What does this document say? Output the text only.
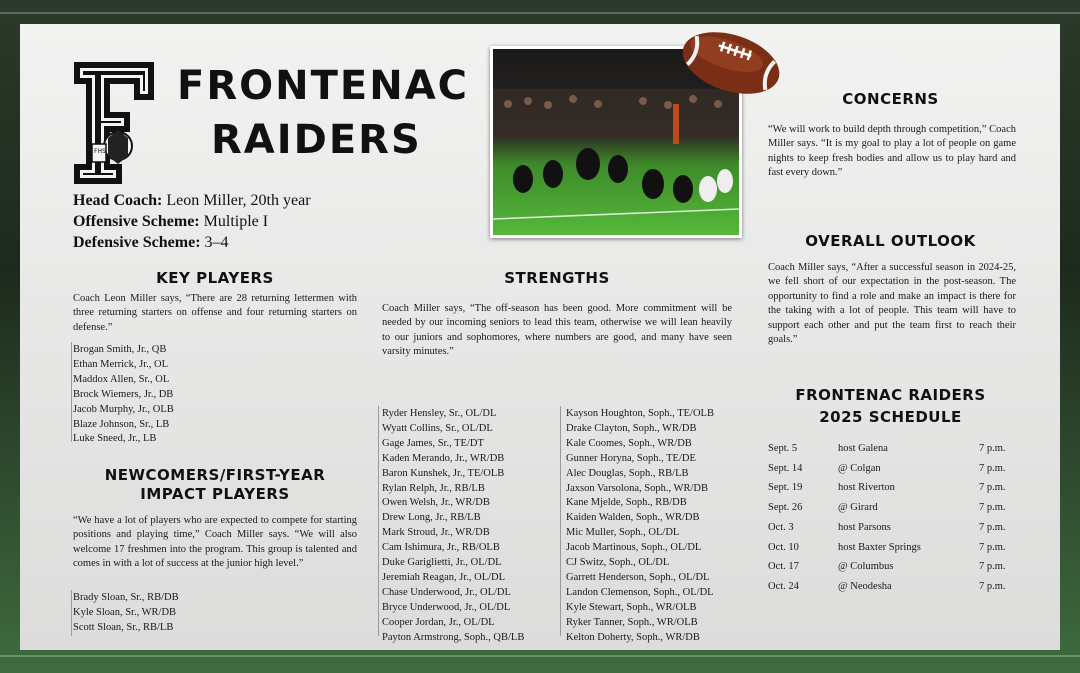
FHS
FRONTENAC
RAIDERS
Head Coach: Leon Miller, 20th year
Offensive Scheme: Multiple I
Defensive Scheme: 3–4
KEY PLAYERS
Coach Leon Miller says, “There are 28 returning lettermen with three returning starters on offense and four returning starters on defense.”
Brogan Smith, Jr., QB
Ethan Merrick, Jr., OL
Maddox Allen, Sr., OL
Brock Wiemers, Jr., DB
Jacob Murphy, Jr., OLB
Blaze Johnson, Sr., LB
Luke Sneed, Jr., LB
NEWCOMERS/FIRST-YEAR
IMPACT PLAYERS
“We have a lot of players who are expected to compete for starting positions and playing time,” Coach Miller says. “We will also welcome 17 freshmen into the program. This group is talented and comes in with a lot of success at the junior high level.”
Brady Sloan, Sr., RB/DB
Kyle Sloan, Sr., WR/DB
Scott Sloan, Sr., RB/LB
STRENGTHS
Coach Miller says, “The off-season has been good. More commitment will be needed by our incoming seniors to lead this team, otherwise we will lean heavily to our juniors and sophomores, where numbers are good, and many have seen varsity minutes.”
Ryder Hensley, Sr., OL/DL
Wyatt Collins, Sr., OL/DL
Gage James, Sr., TE/DT
Kaden Merando, Jr., WR/DB
Baron Kunshek, Jr., TE/OLB
Rylan Relph, Jr., RB/LB
Owen Welsh, Jr., WR/DB
Drew Long, Jr., RB/LB
Mark Stroud, Jr., WR/DB
Cam Ishimura, Jr., RB/OLB
Duke Gariglietti, Jr., OL/DL
Jeremiah Reagan, Jr., OL/DL
Chase Underwood, Jr., OL/DL
Bryce Underwood, Jr., OL/DL
Cooper Jordan, Jr., OL/DL
Payton Armstrong, Soph., QB/LB
Kayson Houghton, Soph., TE/OLB
Drake Clayton, Soph., WR/DB
Kale Coomes, Soph., WR/DB
Gunner Horyna, Soph., TE/DE
Alec Douglas, Soph., RB/LB
Jaxson Varsolona, Soph., WR/DB
Kane Mjelde, Soph., RB/DB
Kaiden Walden, Soph., WR/DB
Mic Muller, Soph., OL/DL
Jacob Martinous, Soph., OL/DL
CJ Switz, Soph., OL/DL
Garrett Henderson, Soph., OL/DL
Landon Clemenson, Soph., OL/DL
Kyle Stewart, Soph., WR/OLB
Ryker Tanner, Soph., WR/OLB
Kelton Doherty, Soph., WR/DB
CONCERNS
“We will work to build depth through competition,” Coach Miller says. “It is my goal to play a lot of people on game nights to keep fresh bodies and allow us to play hard and fast every down.”
OVERALL OUTLOOK
Coach Miller says, “After a successful season in 2024-25, we fell short of our expectation in the post-season. The opportunity to find a role and make an impact is there for the taking with a lot of people. This team will have to support each other and put the team first to reach their goals.”
FRONTENAC RAIDERS
2025 SCHEDULE
Sept. 5	host Galena	7 p.m.
Sept. 14	@ Colgan	7 p.m.
Sept. 19	host Riverton	7 p.m.
Sept. 26	@ Girard	7 p.m.
Oct. 3	host Parsons	7 p.m.
Oct. 10	host Baxter Springs	7 p.m.
Oct. 17	@ Columbus	7 p.m.
Oct. 24	@ Neodesha	7 p.m.
